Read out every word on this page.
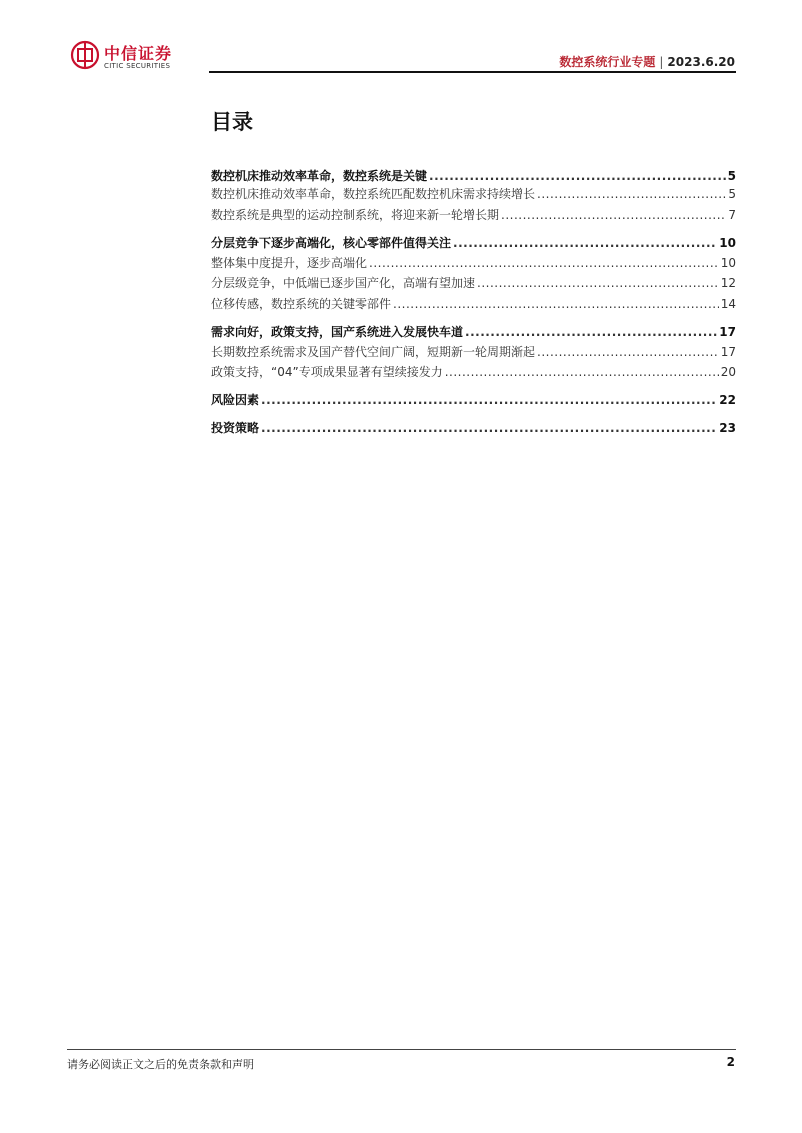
中信证券
CITIC SECURITIES	数控系统行业专题 | 2023.6.20
目录
数控机床推动效率革命，数控系统是关键 .....	5
数控机床推动效率革命，数控系统匹配数控机床需求持续增长 .....	5
数控系统是典型的运动控制系统，将迎来新一轮增长期 .....	7
分层竞争下逐步高端化，核心零部件值得关注 .....	10
整体集中度提升，逐步高端化 .....	10
分层级竞争，中低端已逐步国产化，高端有望加速 .....	12
位移传感，数控系统的关键零部件 .....	14
需求向好，政策支持，国产系统进入发展快车道 .....	17
长期数控系统需求及国产替代空间广阔，短期新一轮周期渐起 .....	17
政策支持，“04”专项成果显著有望续接发力 .....	20
风险因素 .....	22
投资策略 .....	23
请务必阅读正文之后的免责条款和声明	2
